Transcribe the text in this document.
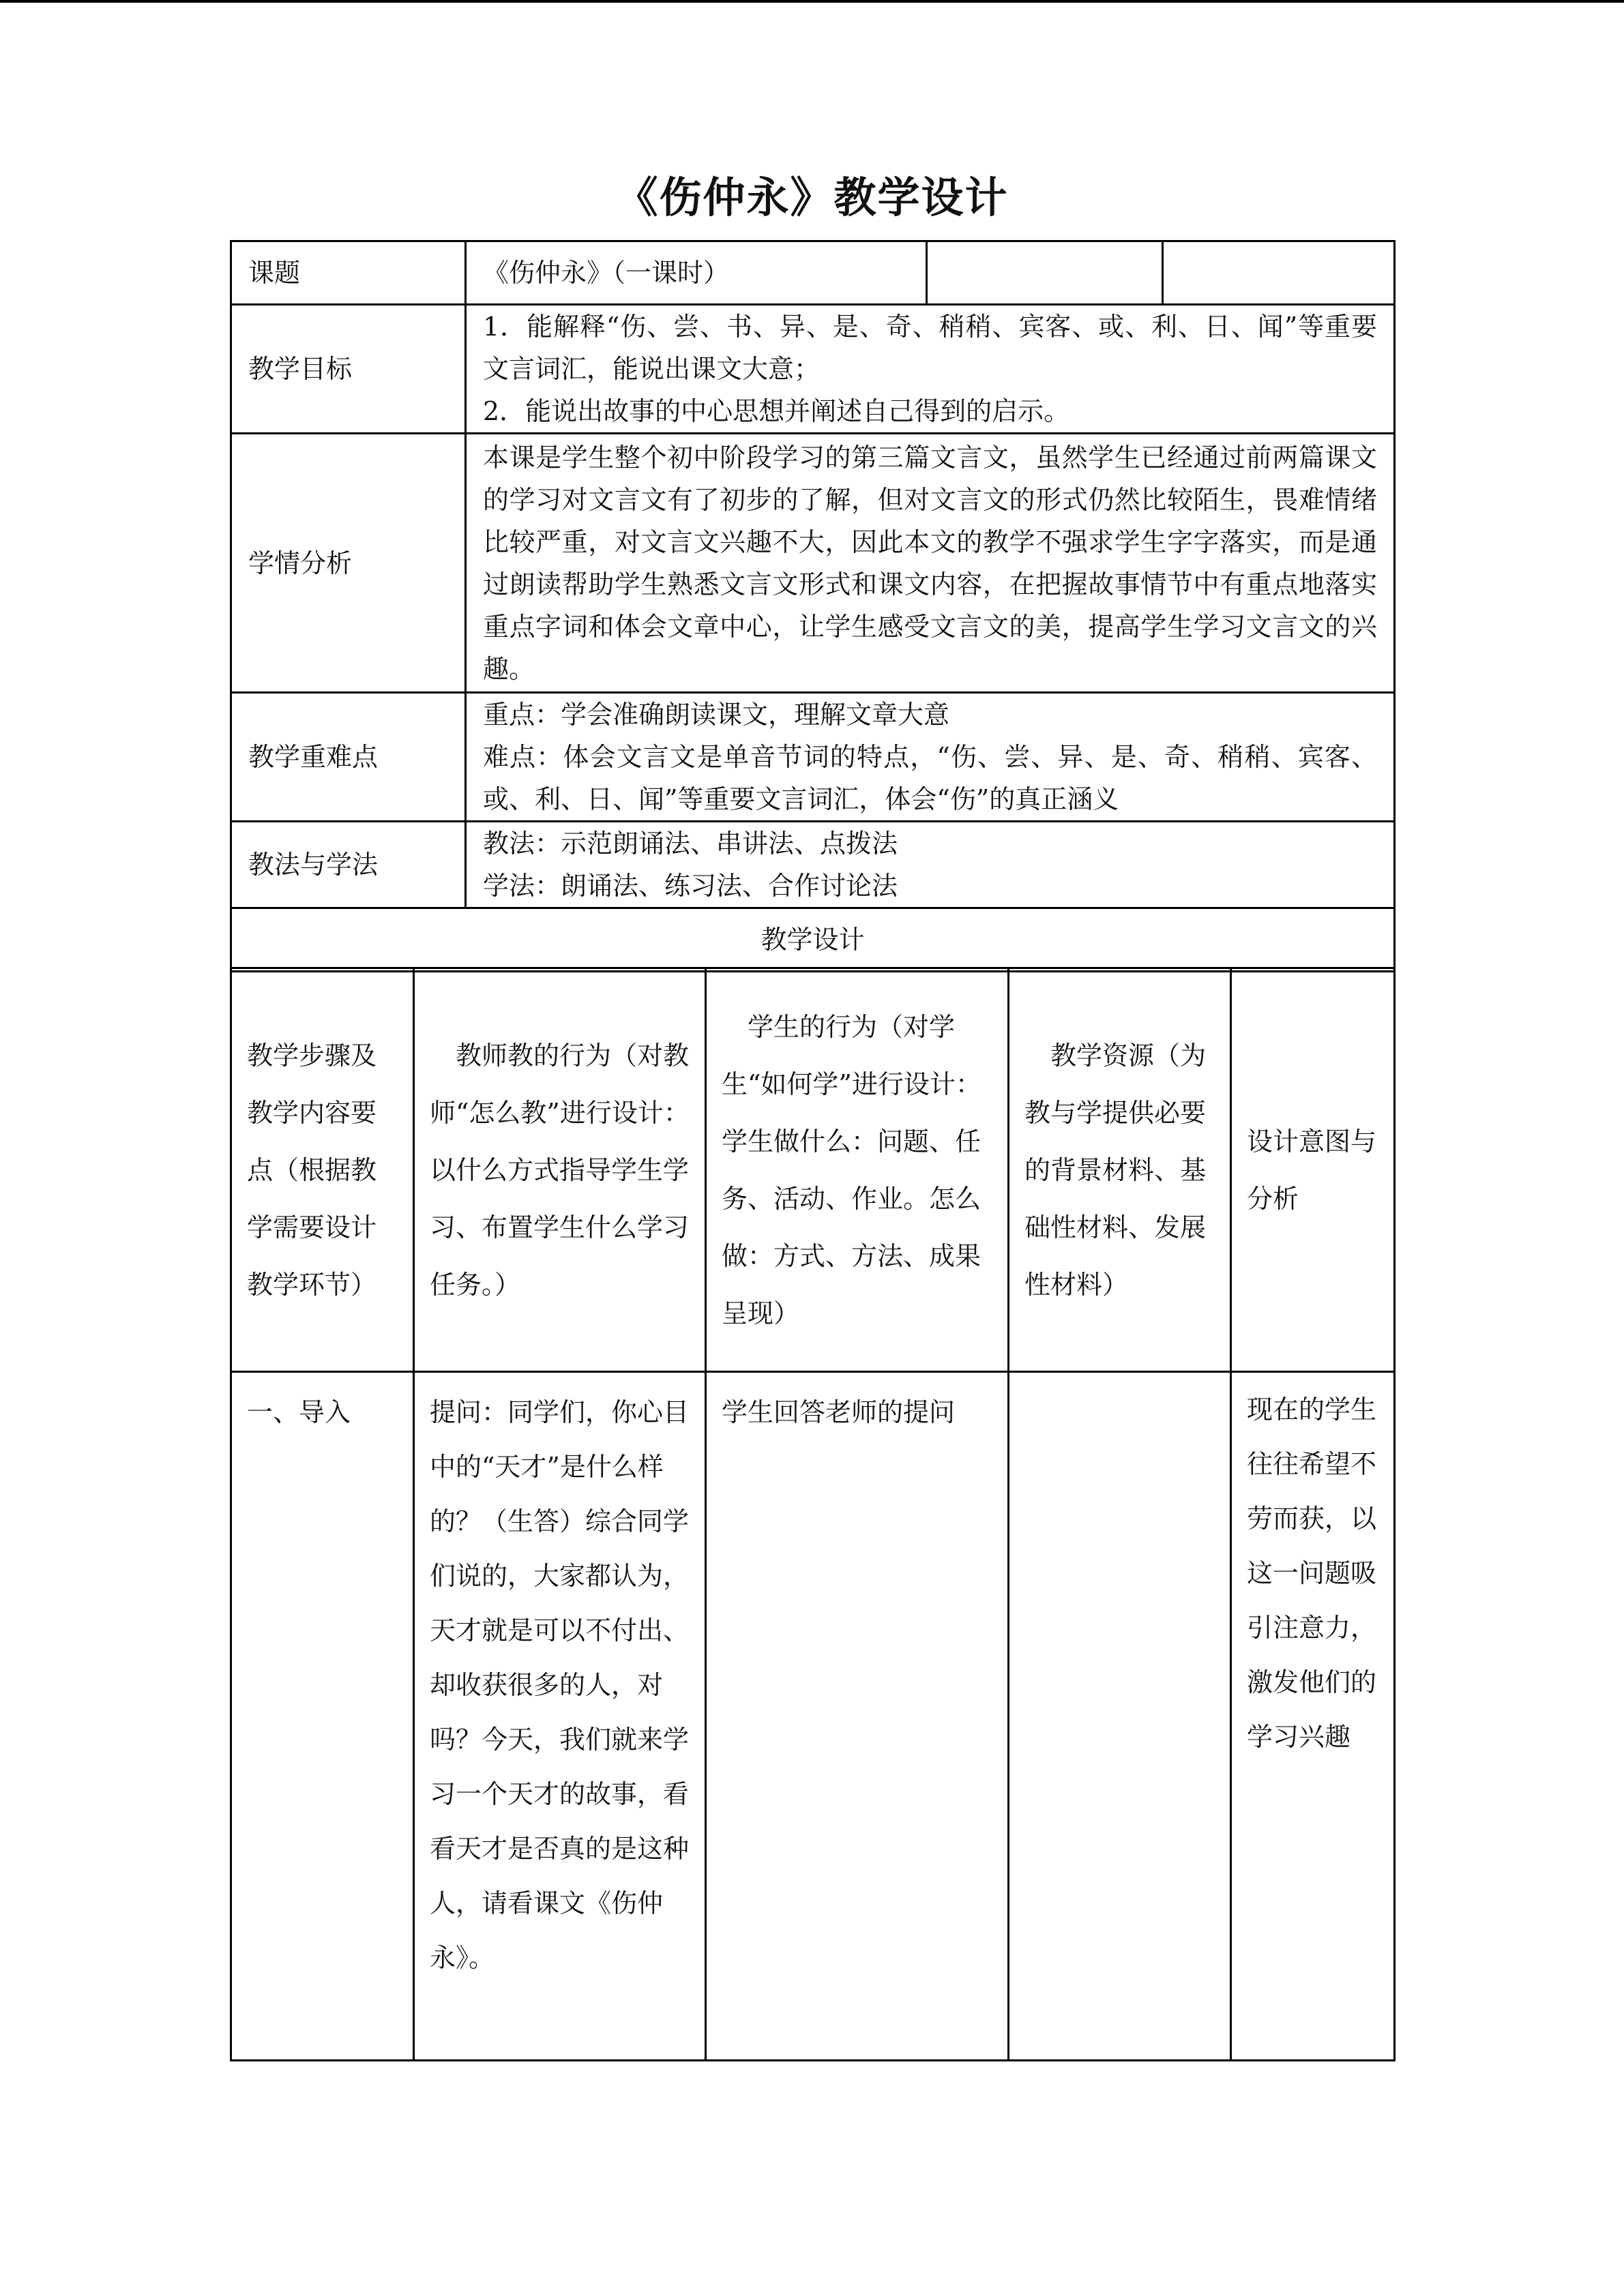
《伤仲永》教学设计
课题	《伤仲永》（一课时）		
教学目标	1．能解释“伤、尝、书、异、是、奇、稍稍、宾客、或、利、日、闻”等重要文言词汇，能说出课文大意；
2．能说出故事的中心思想并阐述自己得到的启示。		

学情分析	本课是学生整个初中阶段学习的第三篇文言文，虽然学生已经通过前两篇课文的学习对文言文有了初步的了解，但对文言文的形式仍然比较陌生，畏难情绪比较严重，对文言文兴趣不大，因此本文的教学不强求学生字字落实，而是通过朗读帮助学生熟悉文言文形式和课文内容，在把握故事情节中有重点地落实重点字词和体会文章中心，让学生感受文言文的美，提高学生学习文言文的兴趣。		
教学重难点	重点：学会准确朗读课文，理解文章大意
难点：体会文言文是单音节词的特点，“伤、尝、异、是、奇、稍稍、宾客、或、利、日、闻”等重要文言词汇，体会“伤”的真正涵义		

教法与学法	教法：示范朗诵法、串讲法、点拨法
学法：朗诵法、练习法、合作讨论法		

教学设计			
教学步骤及教学内容要点（根据教学需要设计教学环节）	教师教的行为（对教师“怎么教”进行设计：以什么方式指导学生学习、布置学生什么学习任务。）	学生的行为（对学生“如何学”进行设计：学生做什么：问题、任务、活动、作业。怎么做：方式、方法、成果呈现）	教学资源（为教与学提供必要的背景材料、基础性材料、发展性材料）	设计意图与分析
一、导入	提问：同学们，你心目中的“天才”是什么样的？（生答）综合同学们说的，大家都认为，天才就是可以不付出、却收获很多的人，对吗？今天，我们就来学习一个天才的故事，看看天才是否真的是这种人，请看课文《伤仲永》。	学生回答老师的提问		现在的学生往往希望不劳而获，以这一问题吸引注意力，激发他们的学习兴趣
